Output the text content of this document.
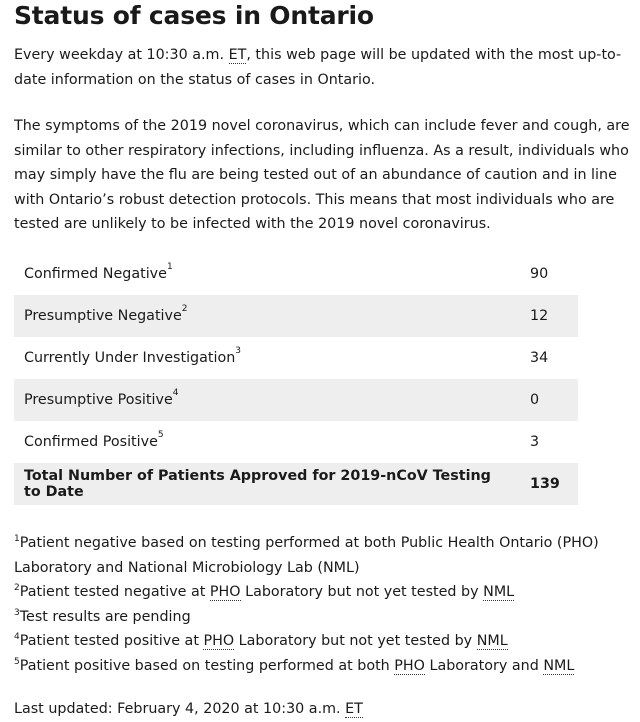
Status of cases in Ontario

Every weekday at 10:30 a.m. ET, this web page will be updated with the most up-to-date information on the status of cases in Ontario.

The symptoms of the 2019 novel coronavirus, which can include fever and cough, are similar to other respiratory infections, including influenza. As a result, individuals who may simply have the flu are being tested out of an abundance of caution and in line with Ontario’s robust detection protocols. This means that most individuals who are tested are unlikely to be infected with the 2019 novel coronavirus.

Confirmed Negative$^1$	90
Presumptive Negative$^2$	12
Currently Under Investigation$^3$	34
Presumptive Positive$^4$	0
Confirmed Positive$^5$	3
Total Number of Patients Approved for 2019-nCoV Testing to Date	139

$^1$Patient negative based on testing performed at both Public Health Ontario (PHO) Laboratory and National Microbiology Lab (NML)

$^2$Patient tested negative at PHO Laboratory but not yet tested by NML

$^3$Test results are pending

$^4$Patient tested positive at PHO Laboratory but not yet tested by NML

$^5$Patient positive based on testing performed at both PHO Laboratory and NML

Last updated: February 4, 2020 at 10:30 a.m. ET
